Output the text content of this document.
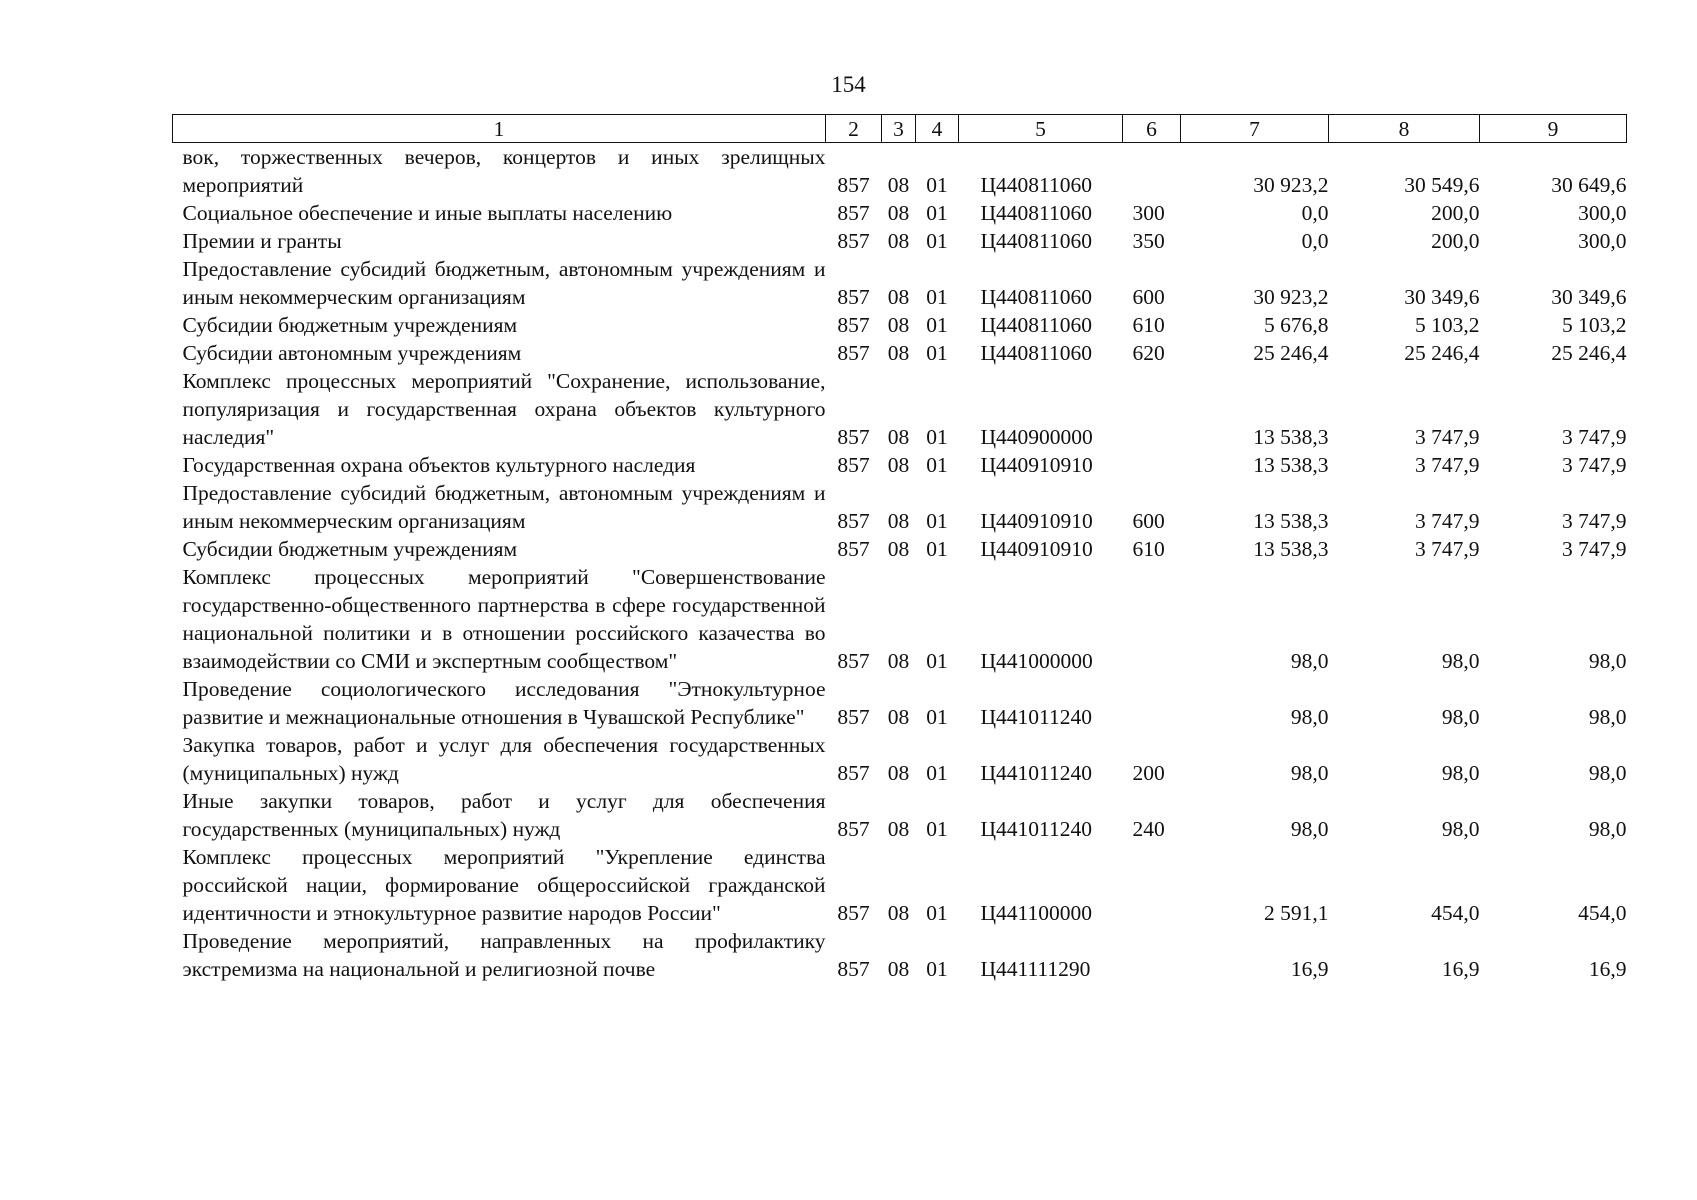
154
1	2	3	4	5	6	7	8	9
вок, торжественных вечеров, концертов и иных зрелищных мероприятий	857	08	01	Ц440811060		30 923,2	30 549,6	30 649,6
Социальное обеспечение и иные выплаты населению	857	08	01	Ц440811060	300	0,0	200,0	300,0
Премии и гранты	857	08	01	Ц440811060	350	0,0	200,0	300,0
Предоставление субсидий бюджетным, автономным учреждениям и иным некоммерческим организациям	857	08	01	Ц440811060	600	30 923,2	30 349,6	30 349,6
Субсидии бюджетным учреждениям	857	08	01	Ц440811060	610	5 676,8	5 103,2	5 103,2
Субсидии автономным учреждениям	857	08	01	Ц440811060	620	25 246,4	25 246,4	25 246,4
Комплекс процессных мероприятий "Сохранение, использование, популяризация и государственная охрана объектов культурного наследия"	857	08	01	Ц440900000		13 538,3	3 747,9	3 747,9
Государственная охрана объектов культурного наследия	857	08	01	Ц440910910		13 538,3	3 747,9	3 747,9
Предоставление субсидий бюджетным, автономным учреждениям и иным некоммерческим организациям	857	08	01	Ц440910910	600	13 538,3	3 747,9	3 747,9
Субсидии бюджетным учреждениям	857	08	01	Ц440910910	610	13 538,3	3 747,9	3 747,9
Комплекс процессных мероприятий "Совершенствование государственно-общественного партнерства в сфере государственной национальной политики и в отношении российского казачества во взаимодействии со СМИ и экспертным сообществом"	857	08	01	Ц441000000		98,0	98,0	98,0
Проведение социологического исследования "Этнокультурное развитие и межнациональные отношения в Чувашской Республике"	857	08	01	Ц441011240		98,0	98,0	98,0
Закупка товаров, работ и услуг для обеспечения государственных (муниципальных) нужд	857	08	01	Ц441011240	200	98,0	98,0	98,0
Иные закупки товаров, работ и услуг для обеспечения государственных (муниципальных) нужд	857	08	01	Ц441011240	240	98,0	98,0	98,0
Комплекс процессных мероприятий "Укрепление единства российской нации, формирование общероссийской гражданской идентичности и этнокультурное развитие народов России"	857	08	01	Ц441100000		2 591,1	454,0	454,0
Проведение мероприятий, направленных на профилактику экстремизма на национальной и религиозной почве	857	08	01	Ц441111290		16,9	16,9	16,9
